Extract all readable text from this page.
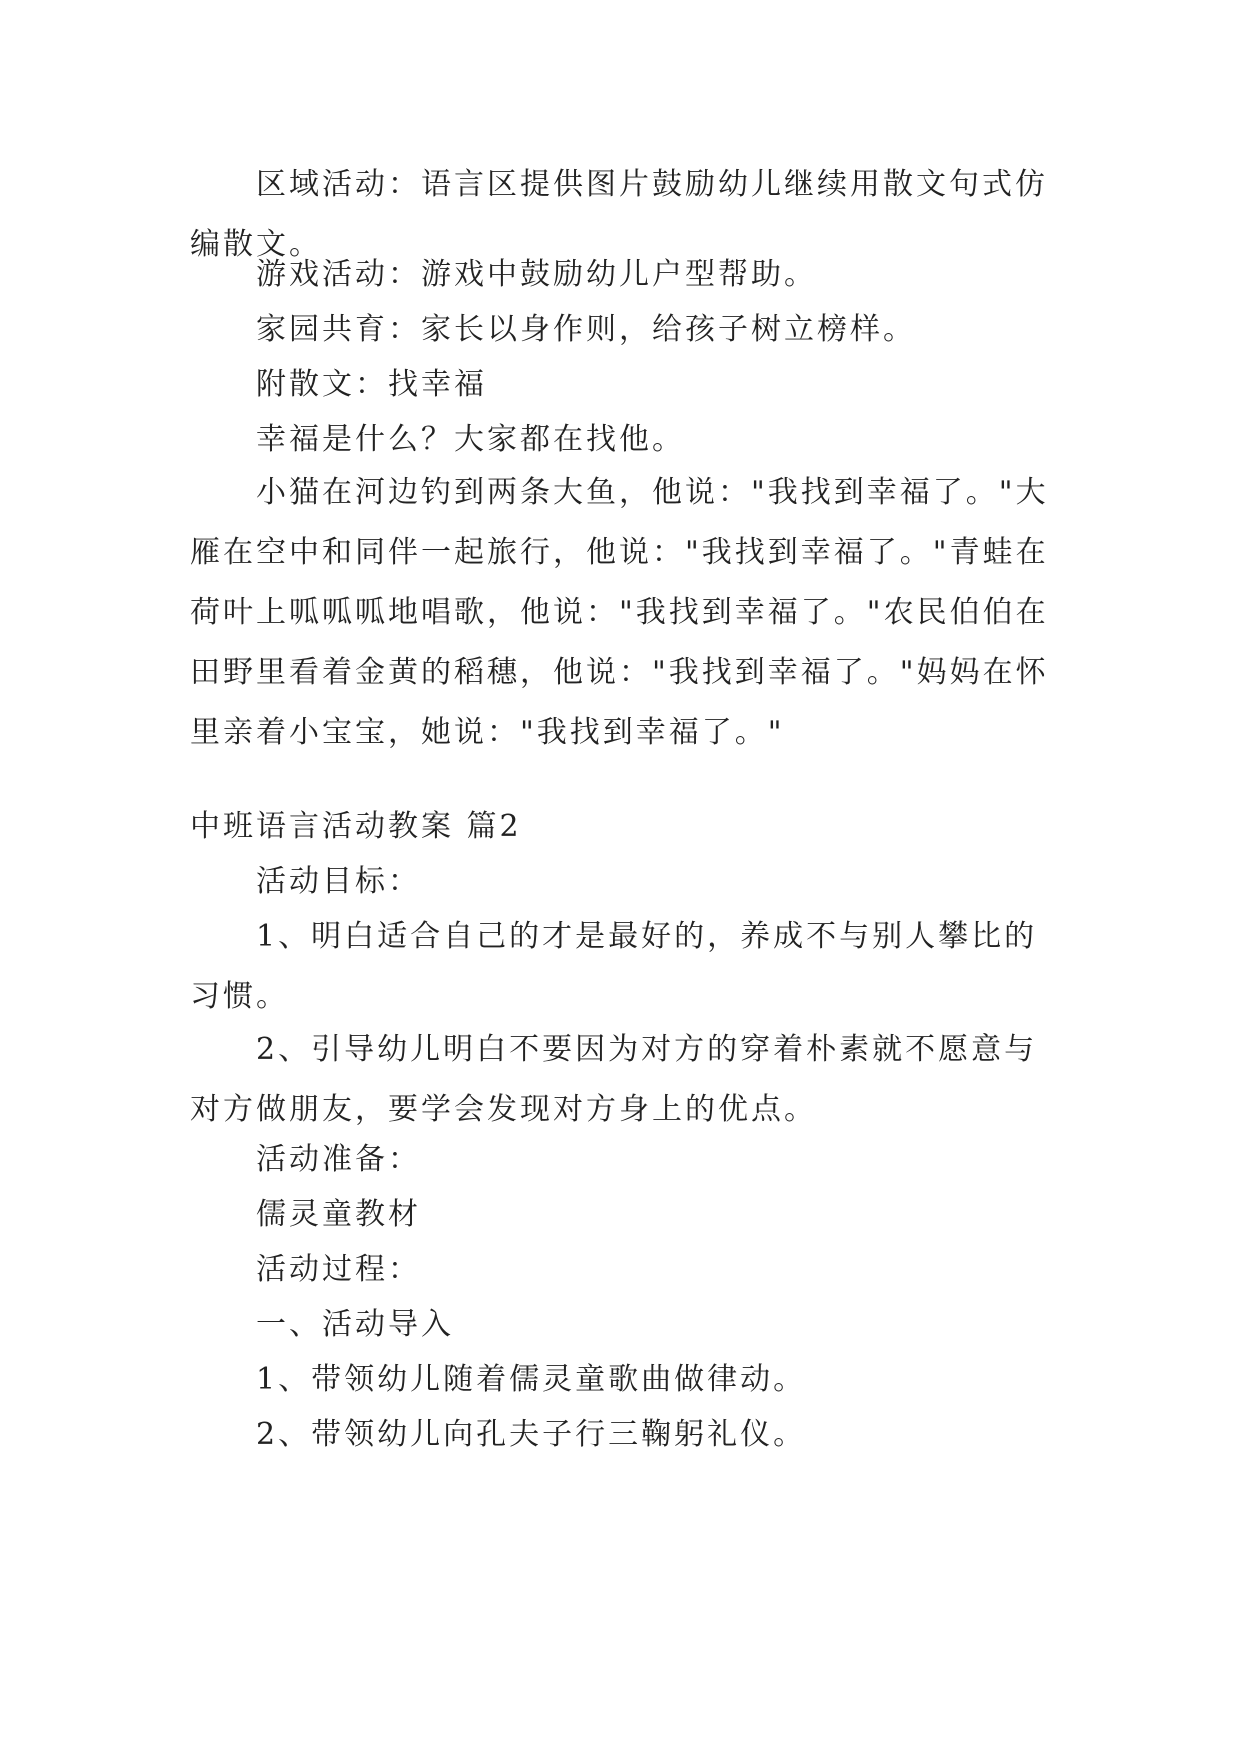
区域活动：语言区提供图片鼓励幼儿继续用散文句式仿编散文。

游戏活动：游戏中鼓励幼儿户型帮助。

家园共育：家长以身作则，给孩子树立榜样。

附散文：找幸福

幸福是什么？大家都在找他。

小猫在河边钓到两条大鱼，他说："我找到幸福了。"大雁在空中和同伴一起旅行，他说："我找到幸福了。"青蛙在荷叶上呱呱呱地唱歌，他说："我找到幸福了。"农民伯伯在田野里看着金黄的稻穗，他说："我找到幸福了。"妈妈在怀里亲着小宝宝，她说："我找到幸福了。"

中班语言活动教案 篇2

活动目标：

1、明白适合自己的才是最好的，养成不与别人攀比的习惯。

2、引导幼儿明白不要因为对方的穿着朴素就不愿意与对方做朋友，要学会发现对方身上的优点。

活动准备：

儒灵童教材

活动过程：

一、活动导入

1、带领幼儿随着儒灵童歌曲做律动。

2、带领幼儿向孔夫子行三鞠躬礼仪。
